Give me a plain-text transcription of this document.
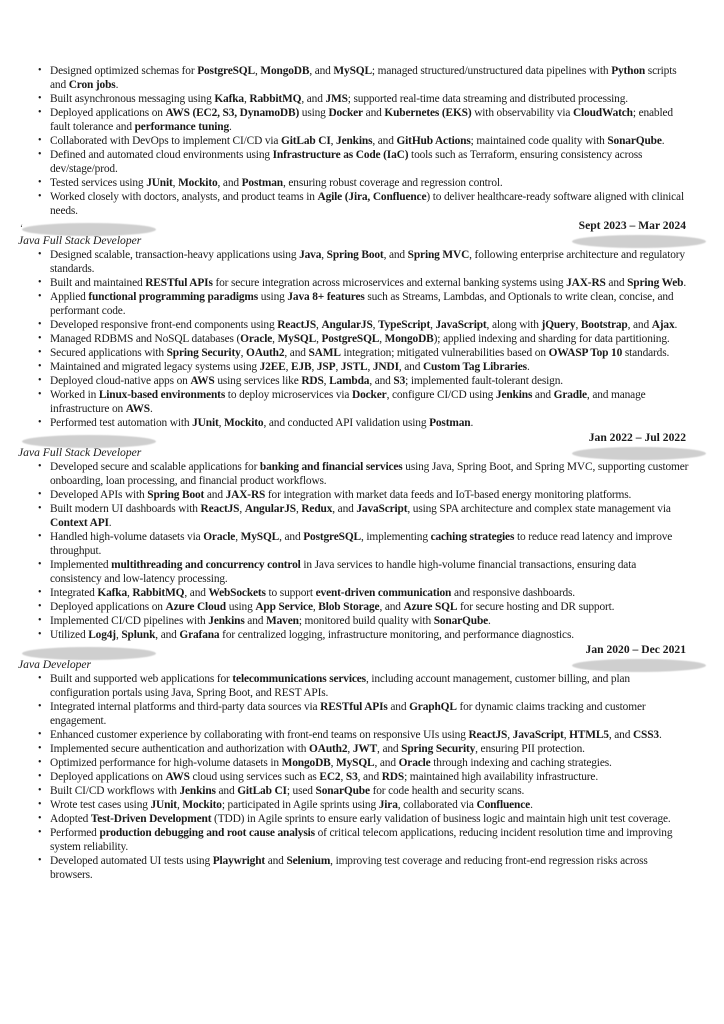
• Designed optimized schemas for PostgreSQL, MongoDB, and MySQL; managed structured/unstructured data pipelines with Python scripts and Cron jobs.
• Built asynchronous messaging using Kafka, RabbitMQ, and JMS; supported real-time data streaming and distributed processing.
• Deployed applications on AWS (EC2, S3, DynamoDB) using Docker and Kubernetes (EKS) with observability via CloudWatch; enabled fault tolerance and performance tuning.
• Collaborated with DevOps to implement CI/CD via GitLab CI, Jenkins, and GitHub Actions; maintained code quality with SonarQube.
• Defined and automated cloud environments using Infrastructure as Code (IaC) tools such as Terraform, ensuring consistency across dev/stage/prod.
• Tested services using JUnit, Mockito, and Postman, ensuring robust coverage and regression control.
• Worked closely with doctors, analysts, and product teams in Agile (Jira, Confluence) to deliver healthcare-ready software aligned with clinical needs.
‘	Sept 2023 – Mar 2024
Java Full Stack Developer
• Designed scalable, transaction-heavy applications using Java, Spring Boot, and Spring MVC, following enterprise architecture and regulatory standards.
• Built and maintained RESTful APIs for secure integration across microservices and external banking systems using JAX-RS and Spring Web.
• Applied functional programming paradigms using Java 8+ features such as Streams, Lambdas, and Optionals to write clean, concise, and performant code.
• Developed responsive front-end components using ReactJS, AngularJS, TypeScript, JavaScript, along with jQuery, Bootstrap, and Ajax.
• Managed RDBMS and NoSQL databases (Oracle, MySQL, PostgreSQL, MongoDB); applied indexing and sharding for data partitioning.
• Secured applications with Spring Security, OAuth2, and SAML integration; mitigated vulnerabilities based on OWASP Top 10 standards.
• Maintained and migrated legacy systems using J2EE, EJB, JSP, JSTL, JNDI, and Custom Tag Libraries.
• Deployed cloud-native apps on AWS using services like RDS, Lambda, and S3; implemented fault-tolerant design.
• Worked in Linux-based environments to deploy microservices via Docker, configure CI/CD using Jenkins and Gradle, and manage infrastructure on AWS.
• Performed test automation with JUnit, Mockito, and conducted API validation using Postman.
Jan 2022 – Jul 2022
Java Full Stack Developer
• Developed secure and scalable applications for banking and financial services using Java, Spring Boot, and Spring MVC, supporting customer onboarding, loan processing, and financial product workflows.
• Developed APIs with Spring Boot and JAX-RS for integration with market data feeds and IoT-based energy monitoring platforms.
• Built modern UI dashboards with ReactJS, AngularJS, Redux, and JavaScript, using SPA architecture and complex state management via Context API.
• Handled high-volume datasets via Oracle, MySQL, and PostgreSQL, implementing caching strategies to reduce read latency and improve throughput.
• Implemented multithreading and concurrency control in Java services to handle high-volume financial transactions, ensuring data consistency and low-latency processing.
• Integrated Kafka, RabbitMQ, and WebSockets to support event-driven communication and responsive dashboards.
• Deployed applications on Azure Cloud using App Service, Blob Storage, and Azure SQL for secure hosting and DR support.
• Implemented CI/CD pipelines with Jenkins and Maven; monitored build quality with SonarQube.
• Utilized Log4j, Splunk, and Grafana for centralized logging, infrastructure monitoring, and performance diagnostics.
Jan 2020 – Dec 2021
Java Developer
• Built and supported web applications for telecommunications services, including account management, customer billing, and plan configuration portals using Java, Spring Boot, and REST APIs.
• Integrated internal platforms and third-party data sources via RESTful APIs and GraphQL for dynamic claims tracking and customer engagement.
• Enhanced customer experience by collaborating with front-end teams on responsive UIs using ReactJS, JavaScript, HTML5, and CSS3.
• Implemented secure authentication and authorization with OAuth2, JWT, and Spring Security, ensuring PII protection.
• Optimized performance for high-volume datasets in MongoDB, MySQL, and Oracle through indexing and caching strategies.
• Deployed applications on AWS cloud using services such as EC2, S3, and RDS; maintained high availability infrastructure.
• Built CI/CD workflows with Jenkins and GitLab CI; used SonarQube for code health and security scans.
• Wrote test cases using JUnit, Mockito; participated in Agile sprints using Jira, collaborated via Confluence.
• Adopted Test-Driven Development (TDD) in Agile sprints to ensure early validation of business logic and maintain high unit test coverage.
• Performed production debugging and root cause analysis of critical telecom applications, reducing incident resolution time and improving system reliability.
• Developed automated UI tests using Playwright and Selenium, improving test coverage and reducing front-end regression risks across browsers.
